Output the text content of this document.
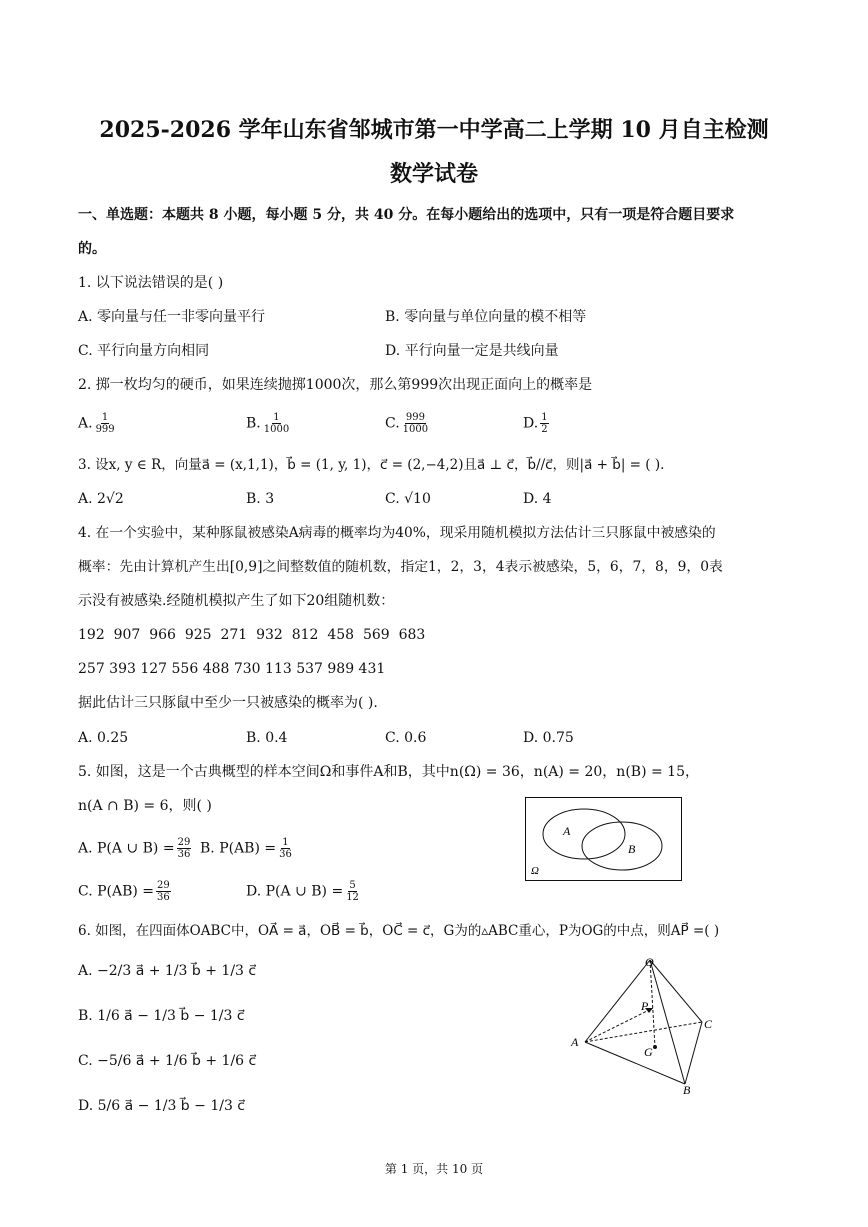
2025-2026 学年山东省邹城市第一中学高二上学期 10 月自主检测
数学试卷
一、单选题：本题共 8 小题，每小题 5 分，共 40 分。在每小题给出的选项中，只有一项是符合题目要求
的。
1. 以下说法错误的是( )
A. 零向量与任一非零向量平行	B. 零向量与单位向量的模不相等
C. 平行向量方向相同	D. 平行向量一定是共线向量
2. 掷一枚均匀的硬币，如果连续抛掷1000次，那么第999次出现正面向上的概率是
A. $\frac{1}{999}$	B. $\frac{1}{1000}$	C. $\frac{999}{1000}$	D. $\frac{1}{2}$
3. 设x, y ∈ R，向量a⃗ = (x,1,1)，b⃗ = (1, y, 1)，c⃗ = (2,−4,2)且a⃗ ⊥ c⃗，b⃗//c⃗，则|a⃗ + b⃗| = ( ).
A. 2√2	B. 3	C. √10	D. 4
4. 在一个实验中，某种豚鼠被感染A病毒的概率均为40%，现采用随机模拟方法估计三只豚鼠中被感染的
概率：先由计算机产生出[0,9]之间整数值的随机数，指定1，2，3，4表示被感染，5，6，7，8，9，0表
示没有被感染.经随机模拟产生了如下20组随机数：
192  907  966  925  271  932  812  458  569  683
257 393 127 556 488 730 113 537 989 431
据此估计三只豚鼠中至少一只被感染的概率为( ).
A. 0.25	B. 0.4	C. 0.6	D. 0.75
5. 如图，这是一个古典概型的样本空间Ω和事件A和B，其中n(Ω) = 36，n(A) = 20，n(B) = 15，
n(A ∩ B) = 6，则( )
A. P(A ∪ $B) = \frac{29}{36} B$. $P(AB) = \frac{1}{36}$
C. $P(AB) = \frac{29}{36}$	D. P(A ∪ $B) = \frac{5}{12}$
A
B
Ω
6. 如图，在四面体OABC中，OA⃗ = a⃗，OB⃗ = b⃗，OC⃗ = c⃗，G为的▵ABC重心，P为OG的中点，则AP⃗ =( )
A. −2/3 a⃗ + 1/3 b⃗ + 1/3 c⃗
B. 1/6 a⃗ − 1/3 b⃗ − 1/3 c⃗
C. −5/6 a⃗ + 1/6 b⃗ + 1/6 c⃗
D. 5/6 a⃗ − 1/3 b⃗ − 1/3 c⃗
O
A
B
C
P
G
第 1 页，共 10 页
